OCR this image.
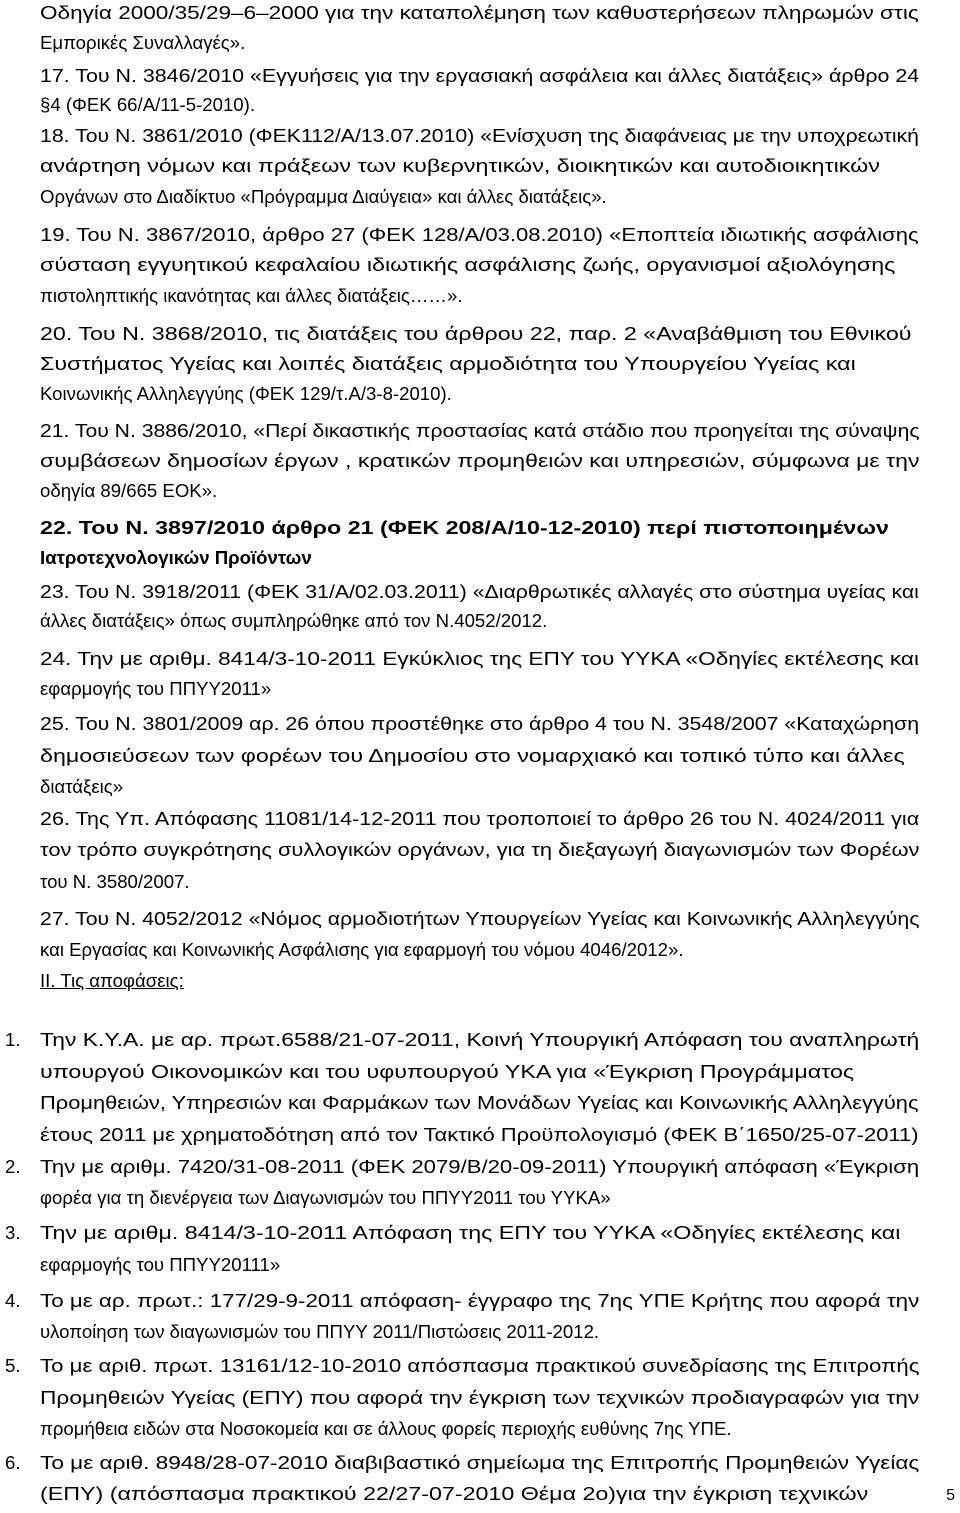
Οδηγία 2000/35/29–6–2000 για την καταπολέμηση των καθυστερήσεων πληρωμών στις
Εμπορικές Συναλλαγές».
17. Του Ν. 3846/2010 «Εγγυήσεις για την εργασιακή ασφάλεια και άλλες διατάξεις» άρθρο 24
§4 (ΦΕΚ 66/Α/11-5-2010).
18. Του Ν. 3861/2010 (ΦΕΚ112/Α/13.07.2010) «Ενίσχυση της διαφάνειας με την υποχρεωτική
ανάρτηση νόμων και πράξεων των κυβερνητικών, διοικητικών και αυτοδιοικητικών
Οργάνων στο Διαδίκτυο «Πρόγραμμα Διαύγεια» και άλλες διατάξεις».
19. Του Ν. 3867/2010, άρθρο 27 (ΦΕΚ 128/Α/03.08.2010) «Εποπτεία ιδιωτικής ασφάλισης
σύσταση εγγυητικού κεφαλαίου ιδιωτικής ασφάλισης ζωής, οργανισμοί αξιολόγησης
πιστοληπτικής ικανότητας και άλλες διατάξεις……».
20. Του Ν. 3868/2010, τις διατάξεις του άρθρου 22, παρ. 2 «Αναβάθμιση του Εθνικού
Συστήματος Υγείας και λοιπές διατάξεις αρμοδιότητα του Υπουργείου Υγείας και
Κοινωνικής Αλληλεγγύης (ΦΕΚ 129/τ.Α/3-8-2010).
21. Του Ν. 3886/2010, «Περί δικαστικής προστασίας κατά στάδιο που προηγείται της σύναψης
συμβάσεων δημοσίων έργων , κρατικών προμηθειών και υπηρεσιών, σύμφωνα με την
οδηγία 89/665 ΕΟΚ».
22. Του Ν. 3897/2010 άρθρο 21 (ΦΕΚ 208/Α/10-12-2010) περί πιστοποιημένων
Ιατροτεχνολογικών Προϊόντων
23. Του Ν. 3918/2011 (ΦΕΚ 31/Α/02.03.2011) «Διαρθρωτικές αλλαγές στο σύστημα υγείας και
άλλες διατάξεις» όπως συμπληρώθηκε από τον Ν.4052/2012.
24. Την με αριθμ. 8414/3-10-2011 Εγκύκλιος της ΕΠΥ του ΥΥΚΑ «Οδηγίες εκτέλεσης και
εφαρμογής του ΠΠΥΥ2011»
25. Του Ν. 3801/2009 αρ. 26 όπου προστέθηκε στο άρθρο 4 του Ν. 3548/2007 «Καταχώρηση
δημοσιεύσεων των φορέων του Δημοσίου στο νομαρχιακό και τοπικό τύπο και άλλες
διατάξεις»
26. Της Υπ. Απόφασης 11081/14-12-2011 που τροποποιεί το άρθρο 26 του Ν. 4024/2011 για
τον τρόπο συγκρότησης συλλογικών οργάνων, για τη διεξαγωγή διαγωνισμών των Φορέων
του Ν. 3580/2007.
27. Του Ν. 4052/2012 «Νόμος αρμοδιοτήτων Υπουργείων Υγείας και Κοινωνικής Αλληλεγγύης
και Εργασίας και Κοινωνικής Ασφάλισης για εφαρμογή του νόμου 4046/2012».
ΙΙ. Τις αποφάσεις:
1. Την Κ.Υ.Α. με αρ. πρωτ.6588/21-07-2011, Κοινή Υπουργική Απόφαση του αναπληρωτή
υπουργού Οικονομικών και του υφυπουργού ΥΚΑ για «Έγκριση Προγράμματος
Προμηθειών, Υπηρεσιών και Φαρμάκων των Μονάδων Υγείας και Κοινωνικής Αλληλεγγύης
έτους 2011 με χρηματοδότηση από τον Τακτικό Προϋπολογισμό (ΦΕΚ Β΄1650/25-07-2011)
2. Την με αριθμ. 7420/31-08-2011 (ΦΕΚ 2079/Β/20-09-2011) Υπουργική απόφαση «Έγκριση
φορέα για τη διενέργεια των Διαγωνισμών του ΠΠΥΥ2011 του ΥΥΚΑ»
3. Την με αριθμ. 8414/3-10-2011 Απόφαση της ΕΠΥ του ΥΥΚΑ «Οδηγίες εκτέλεσης και
εφαρμογής του ΠΠΥΥ20111»
4. Το με αρ. πρωτ.: 177/29-9-2011 απόφαση- έγγραφο της 7ης ΥΠΕ Κρήτης που αφορά την
υλοποίηση των διαγωνισμών του ΠΠΥΥ 2011/Πιστώσεις 2011-2012.
5. Το με αριθ. πρωτ. 13161/12-10-2010 απόσπασμα πρακτικού συνεδρίασης της Επιτροπής
Προμηθειών Υγείας (ΕΠΥ) που αφορά την έγκριση των τεχνικών προδιαγραφών για την
προμήθεια ειδών στα Νοσοκομεία και σε άλλους φορείς περιοχής ευθύνης 7ης ΥΠΕ.
6. Το με αριθ. 8948/28-07-2010 διαβιβαστικό σημείωμα της Επιτροπής Προμηθειών Υγείας
(ΕΠΥ) (απόσπασμα πρακτικού 22/27-07-2010 Θέμα 2ο)για την έγκριση τεχνικών	5
